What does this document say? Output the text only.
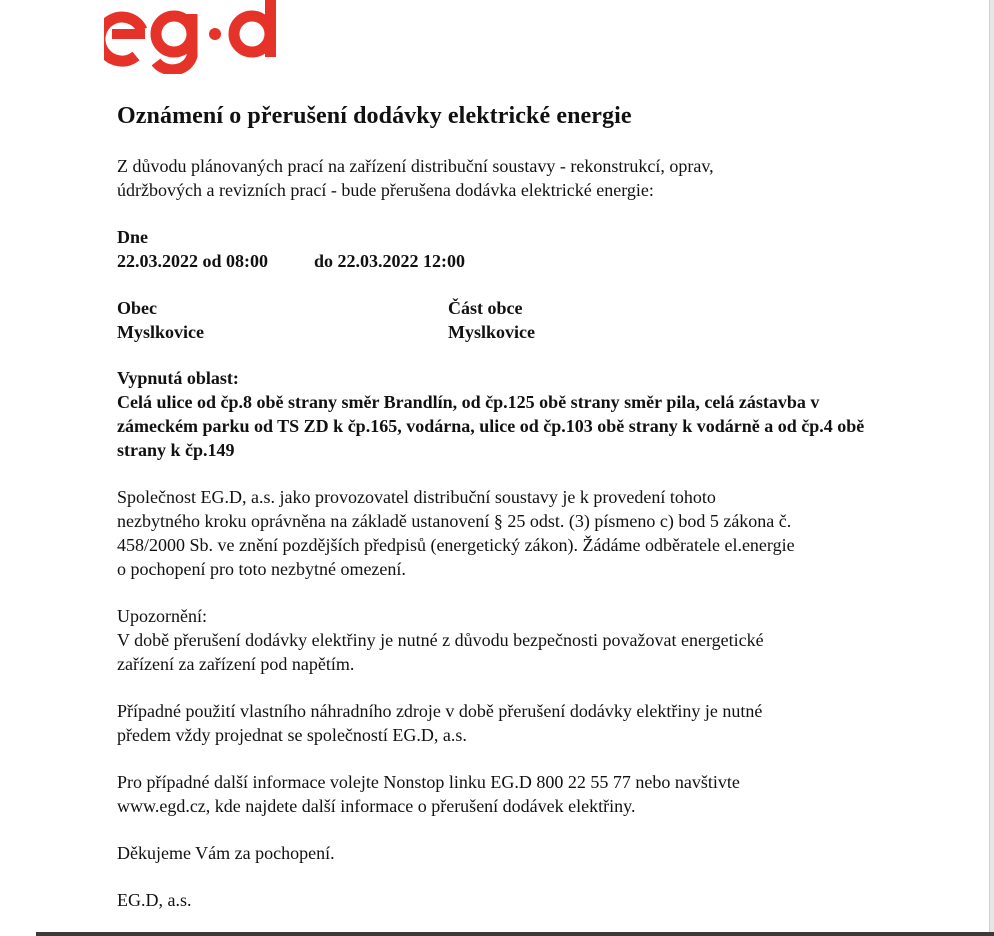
Oznámení o přerušení dodávky elektrické energie
Z důvodu plánovaných prací na zařízení distribuční soustavy - rekonstrukcí, oprav,
údržbových a revizních prací - bude přerušena dodávka elektrické energie:
Dne
22.03.2022 od 08:00	do 22.03.2022 12:00
Obec
Myslkovice
Část obce
Myslkovice
Vypnutá oblast:
Celá ulice od čp.8 obě strany směr Brandlín, od čp.125 obě strany směr pila, celá zástavba v
zámeckém parku od TS ZD k čp.165, vodárna, ulice od čp.103 obě strany k vodárně a od čp.4 obě
strany k čp.149
Společnost EG.D, a.s. jako provozovatel distribuční soustavy je k provedení tohoto
nezbytného kroku oprávněna na základě ustanovení § 25 odst. (3) písmeno c) bod 5 zákona č.
458/2000 Sb. ve znění pozdějších předpisů (energetický zákon). Žádáme odběratele el.energie
o pochopení pro toto nezbytné omezení.
Upozornění:
V době přerušení dodávky elektřiny je nutné z důvodu bezpečnosti považovat energetické
zařízení za zařízení pod napětím.
Případné použití vlastního náhradního zdroje v době přerušení dodávky elektřiny je nutné
předem vždy projednat se společností EG.D, a.s.
Pro případné další informace volejte Nonstop linku EG.D 800 22 55 77 nebo navštivte
www.egd.cz, kde najdete další informace o přerušení dodávek elektřiny.
Děkujeme Vám za pochopení.
EG.D, a.s.
